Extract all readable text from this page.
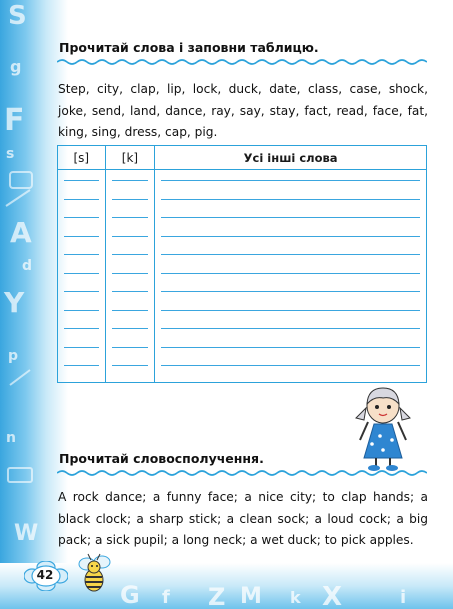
S
g
F
s
A
d
Y
p
n
W
G f Z M k X	i
Прочитай слова і заповни таблицю.
Step, city, clap, lip, lock, duck, date, class, case, shock, joke, send, land, dance, ray, say, stay, fact, read, face, fat, king, sing, dress, cap, pig.
[s]	[k]	Усі інші слова

Прочитай словосполучення.
A rock dance; a funny face; a nice city; to clap hands; a black clock; a sharp stick; a clean sock; a loud cock; a big pack; a sick pupil; a long neck; a wet duck; to pick apples.
42
